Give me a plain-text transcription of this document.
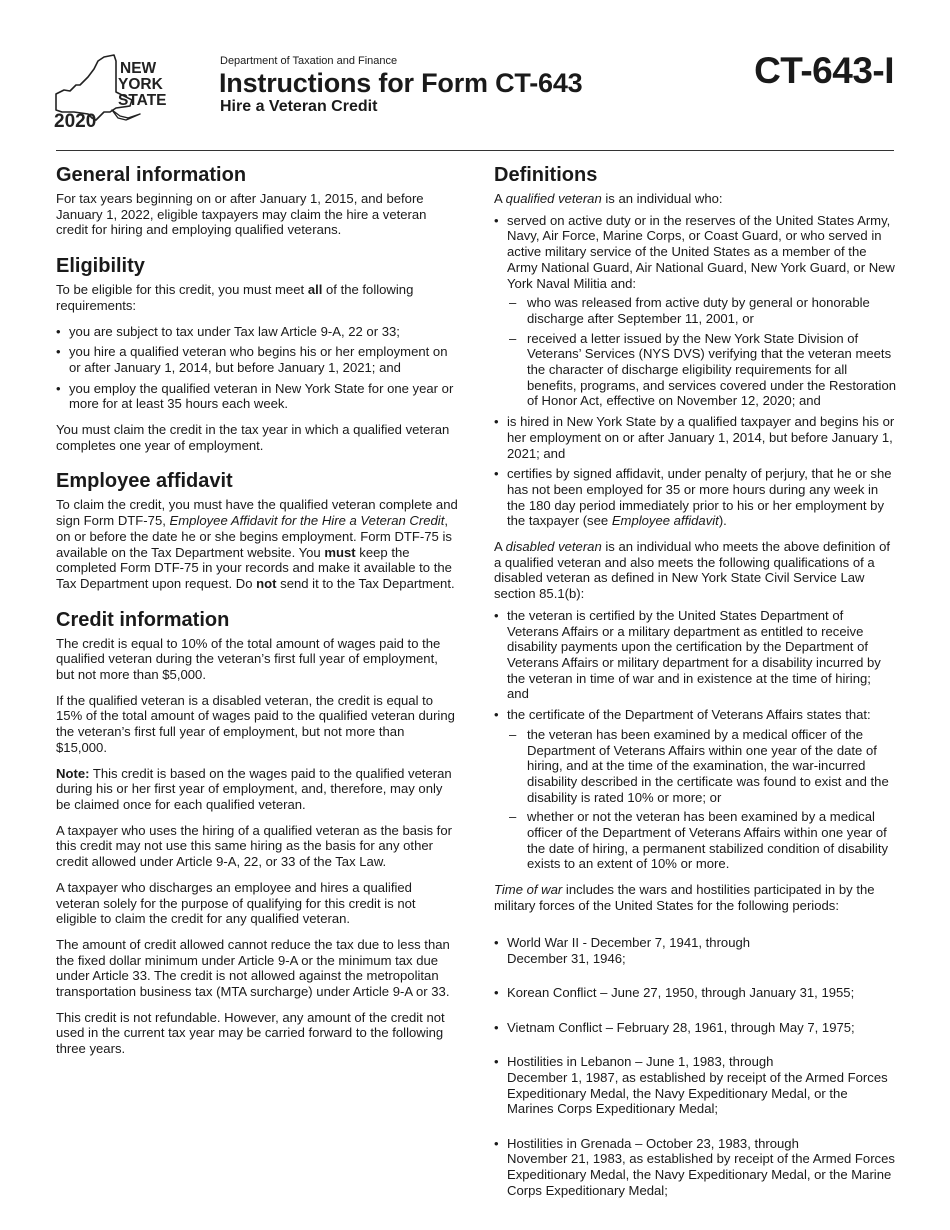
NEW
YORK
STATE
2020
Department of Taxation and Finance
Instructions for Form CT-643
Hire a Veteran Credit
CT-643-I
General information

For tax years beginning on or after January 1, 2015, and before January 1, 2022, eligible taxpayers may claim the hire a veteran credit for hiring and employing qualified veterans.

Eligibility

To be eligible for this credit, you must meet all of the following requirements:

• you are subject to tax under Tax law Article 9-A, 22 or 33;
• you hire a qualified veteran who begins his or her employment on or after January 1, 2014, but before January 1, 2021; and
• you employ the qualified veteran in New York State for one year or more for at least 35 hours each week.

You must claim the credit in the tax year in which a qualified veteran completes one year of employment.

Employee affidavit

To claim the credit, you must have the qualified veteran complete and sign Form DTF-75, Employee Affidavit for the Hire a Veteran Credit, on or before the date he or she begins employment. Form DTF-75 is available on the Tax Department website. You must keep the completed Form DTF-75 in your records and make it available to the Tax Department upon request. Do not send it to the Tax Department.

Credit information

The credit is equal to 10% of the total amount of wages paid to the qualified veteran during the veteran’s first full year of employment, but not more than $5,000.

If the qualified veteran is a disabled veteran, the credit is equal to 15% of the total amount of wages paid to the qualified veteran during the veteran’s first full year of employment, but not more than $15,000.

Note: This credit is based on the wages paid to the qualified veteran during his or her first year of employment, and, therefore, may only be claimed once for each qualified veteran.

A taxpayer who uses the hiring of a qualified veteran as the basis for this credit may not use this same hiring as the basis for any other credit allowed under Article 9-A, 22, or 33 of the Tax Law.

A taxpayer who discharges an employee and hires a qualified veteran solely for the purpose of qualifying for this credit is not eligible to claim the credit for any qualified veteran.

The amount of credit allowed cannot reduce the tax due to less than the fixed dollar minimum under Article 9-A or the minimum tax due under Article 33. The credit is not allowed against the metropolitan transportation business tax (MTA surcharge) under Article 9-A or 33.

This credit is not refundable. However, any amount of the credit not used in the current tax year may be carried forward to the following three years.

Definitions

A qualified veteran is an individual who:

• served on active duty or in the reserves of the United States Army, Navy, Air Force, Marine Corps, or Coast Guard, or who served in active military service of the United States as a member of the Army National Guard, Air National Guard, New York Guard, or New York Naval Militia and:
– who was released from active duty by general or honorable discharge after September 11, 2001, or
– received a letter issued by the New York State Division of Veterans’ Services (NYS DVS) verifying that the veteran meets the character of discharge eligibility requirements for all benefits, programs, and services covered under the Restoration of Honor Act, effective on November 12, 2020; and
• is hired in New York State by a qualified taxpayer and begins his or her employment on or after January 1, 2014, but before January 1, 2021; and
• certifies by signed affidavit, under penalty of perjury, that he or she has not been employed for 35 or more hours during any week in the 180 day period immediately prior to his or her employment by the taxpayer (see Employee affidavit).

A disabled veteran is an individual who meets the above definition of a qualified veteran and also meets the following qualifications of a disabled veteran as defined in New York State Civil Service Law section 85.1(b):

• the veteran is certified by the United States Department of Veterans Affairs or a military department as entitled to receive disability payments upon the certification by the Department of Veterans Affairs or military department for a disability incurred by the veteran in time of war and in existence at the time of hiring; and
• the certificate of the Department of Veterans Affairs states that:
– the veteran has been examined by a medical officer of the Department of Veterans Affairs within one year of the date of hiring, and at the time of the examination, the war-incurred disability described in the certificate was found to exist and the disability is rated 10% or more; or
– whether or not the veteran has been examined by a medical officer of the Department of Veterans Affairs within one year of the date of hiring, a permanent stabilized condition of disability exists to an extent of 10% or more.

Time of war includes the wars and hostilities participated in by the military forces of the United States for the following periods:

• World War II - December 7, 1941, through
December 31, 1946;

• Korean Conflict – June 27, 1950, through January 31, 1955;

• Vietnam Conflict – February 28, 1961, through May 7, 1975;

• Hostilities in Lebanon – June 1, 1983, through
December 1, 1987, as established by receipt of the Armed Forces Expeditionary Medal, the Navy Expeditionary Medal, or the Marines Corps Expeditionary Medal;

• Hostilities in Grenada – October 23, 1983, through
November 21, 1983, as established by receipt of the Armed Forces Expeditionary Medal, the Navy Expeditionary Medal, or the Marine Corps Expeditionary Medal;
